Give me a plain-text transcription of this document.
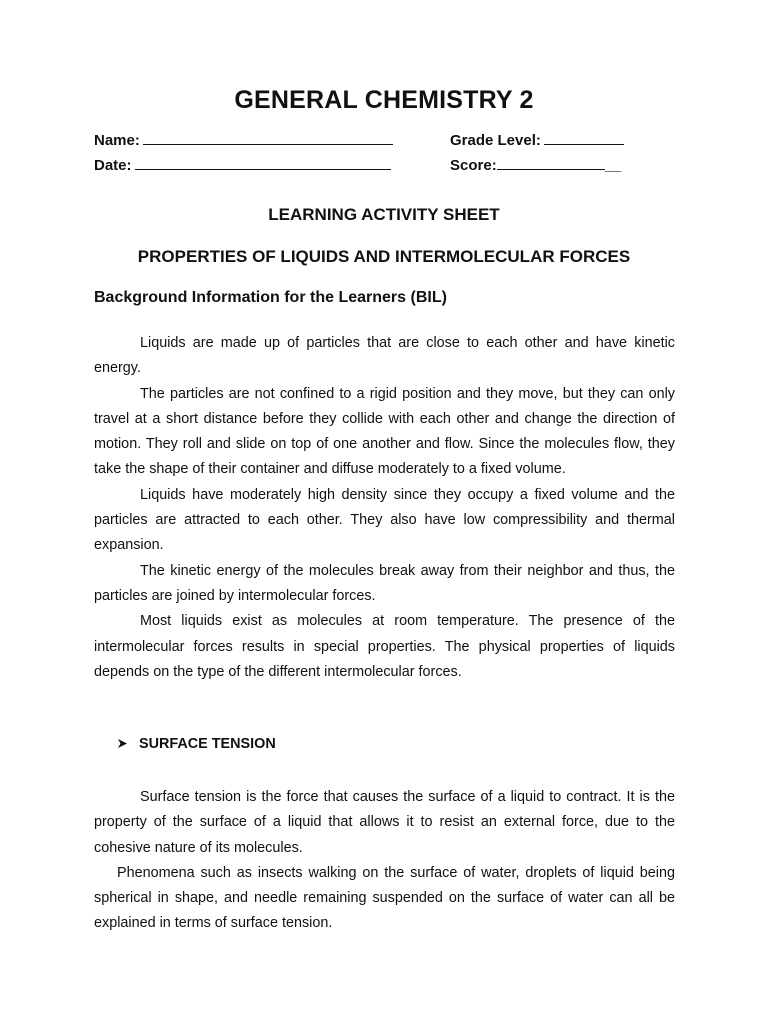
GENERAL CHEMISTRY 2
Name:	Grade Level:
Date:	Score:	__
LEARNING ACTIVITY SHEET
PROPERTIES OF LIQUIDS AND INTERMOLECULAR FORCES
Background Information for the Learners (BIL)

Liquids are made up of particles that are close to each other and have kinetic energy.

The particles are not confined to a rigid position and they move, but they can only travel at a short distance before they collide with each other and change the direction of motion. They roll and slide on top of one another and flow. Since the molecules flow, they take the shape of their container and diffuse moderately to a fixed volume.

Liquids have moderately high density since they occupy a fixed volume and the particles are attracted to each other. They also have low compressibility and thermal expansion.

The kinetic energy of the molecules break away from their neighbor and thus, the particles are joined by intermolecular forces.

Most liquids exist as molecules at room temperature. The presence of the intermolecular forces results in special properties. The physical properties of liquids depends on the type of the different intermolecular forces.

SURFACE TENSION

Surface tension is the force that causes the surface of a liquid to contract. It is the property of the surface of a liquid that allows it to resist an external force, due to the cohesive nature of its molecules.

Phenomena such as insects walking on the surface of water, droplets of liquid being spherical in shape, and needle remaining suspended on the surface of water can all be explained in terms of surface tension.
